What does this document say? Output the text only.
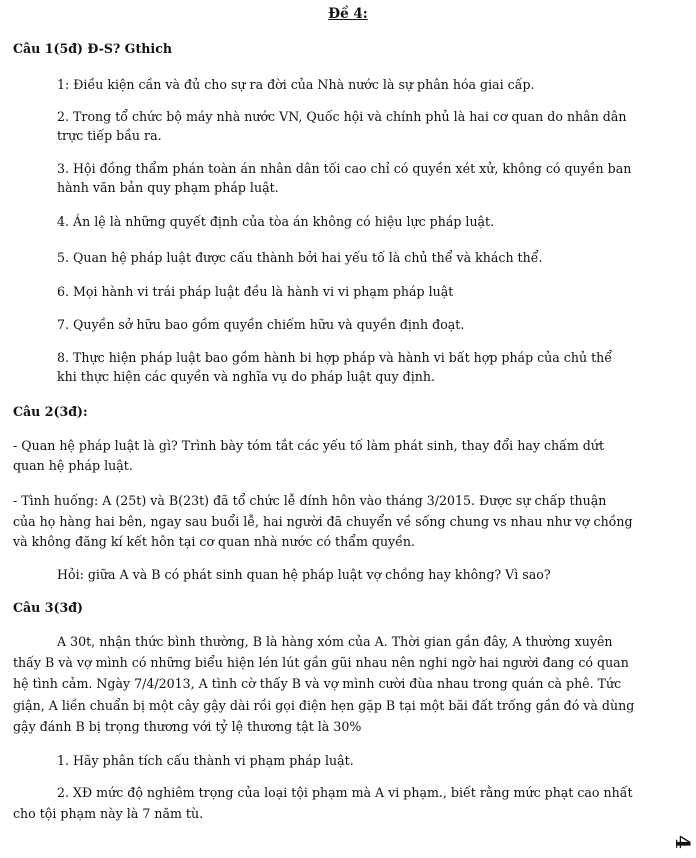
Đề 4:
Câu 1(5đ) Đ-S? Gthich
1: Điều kiện cần và đủ cho sự ra đời của Nhà nước là sự phân hóa giai cấp.
2. Trong tổ chức bộ máy nhà nước VN, Quốc hội và chính phủ là hai cơ quan do nhân dân
trực tiếp bầu ra.
3. Hội đồng thẩm phán toàn án nhân dân tối cao chỉ có quyền xét xử, không có quyền ban
hành văn bản quy phạm pháp luật.
4. Án lệ là những quyết định của tòa án không có hiệu lực pháp luật.
5. Quan hệ pháp luật được cấu thành bởi hai yếu tố là chủ thể và khách thể.
6. Mọi hành vi trái pháp luật đều là hành vi vi phạm pháp luật
7. Quyền sở hữu bao gồm quyền chiếm hữu và quyền định đoạt.
8. Thực hiện pháp luật bao gồm hành bi hợp pháp và hành vi bất hợp pháp của chủ thể
khi thực hiện các quyền và nghĩa vụ do pháp luật quy định.
Câu 2(3đ):
- Quan hệ pháp luật là gì? Trình bày tóm tắt các yếu tố làm phát sinh, thay đổi hay chấm dứt
quan hệ pháp luật.
- Tình huống: A (25t) và B(23t) đã tổ chức lễ đính hôn vào tháng 3/2015. Được sự chấp thuận
của họ hàng hai bên, ngay sau buổi lễ, hai người đã chuyển về sống chung vs nhau như vợ chồng
và không đăng kí kết hôn tại cơ quan nhà nước có thẩm quyền.
Hỏi: giữa A và B có phát sinh quan hệ pháp luật vợ chồng hay không? Vì sao?
Câu 3(3đ)
A 30t, nhận thức bình thường, B là hàng xóm của A. Thời gian gần đây, A thường xuyên
thấy B và vợ mình có những biểu hiện lén lút gần gũi nhau nên nghi ngờ hai người đang có quan
hệ tình cảm. Ngày 7/4/2013, A tình cờ thấy B và vợ mình cười đùa nhau trong quán cà phê. Tức
giận, A liền chuẩn bị một cây gậy dài rồi gọi điện hẹn gặp B tại một bãi đất trống gần đó và dùng
gậy đánh B bị trọng thương với tỷ lệ thương tật là 30%
1. Hãy phân tích cấu thành vi phạm pháp luật.
2. XĐ mức độ nghiêm trọng của loại tội phạm mà A vi phạm., biết rằng mức phạt cao nhất
cho tội phạm này là 7 năm tù.
4
